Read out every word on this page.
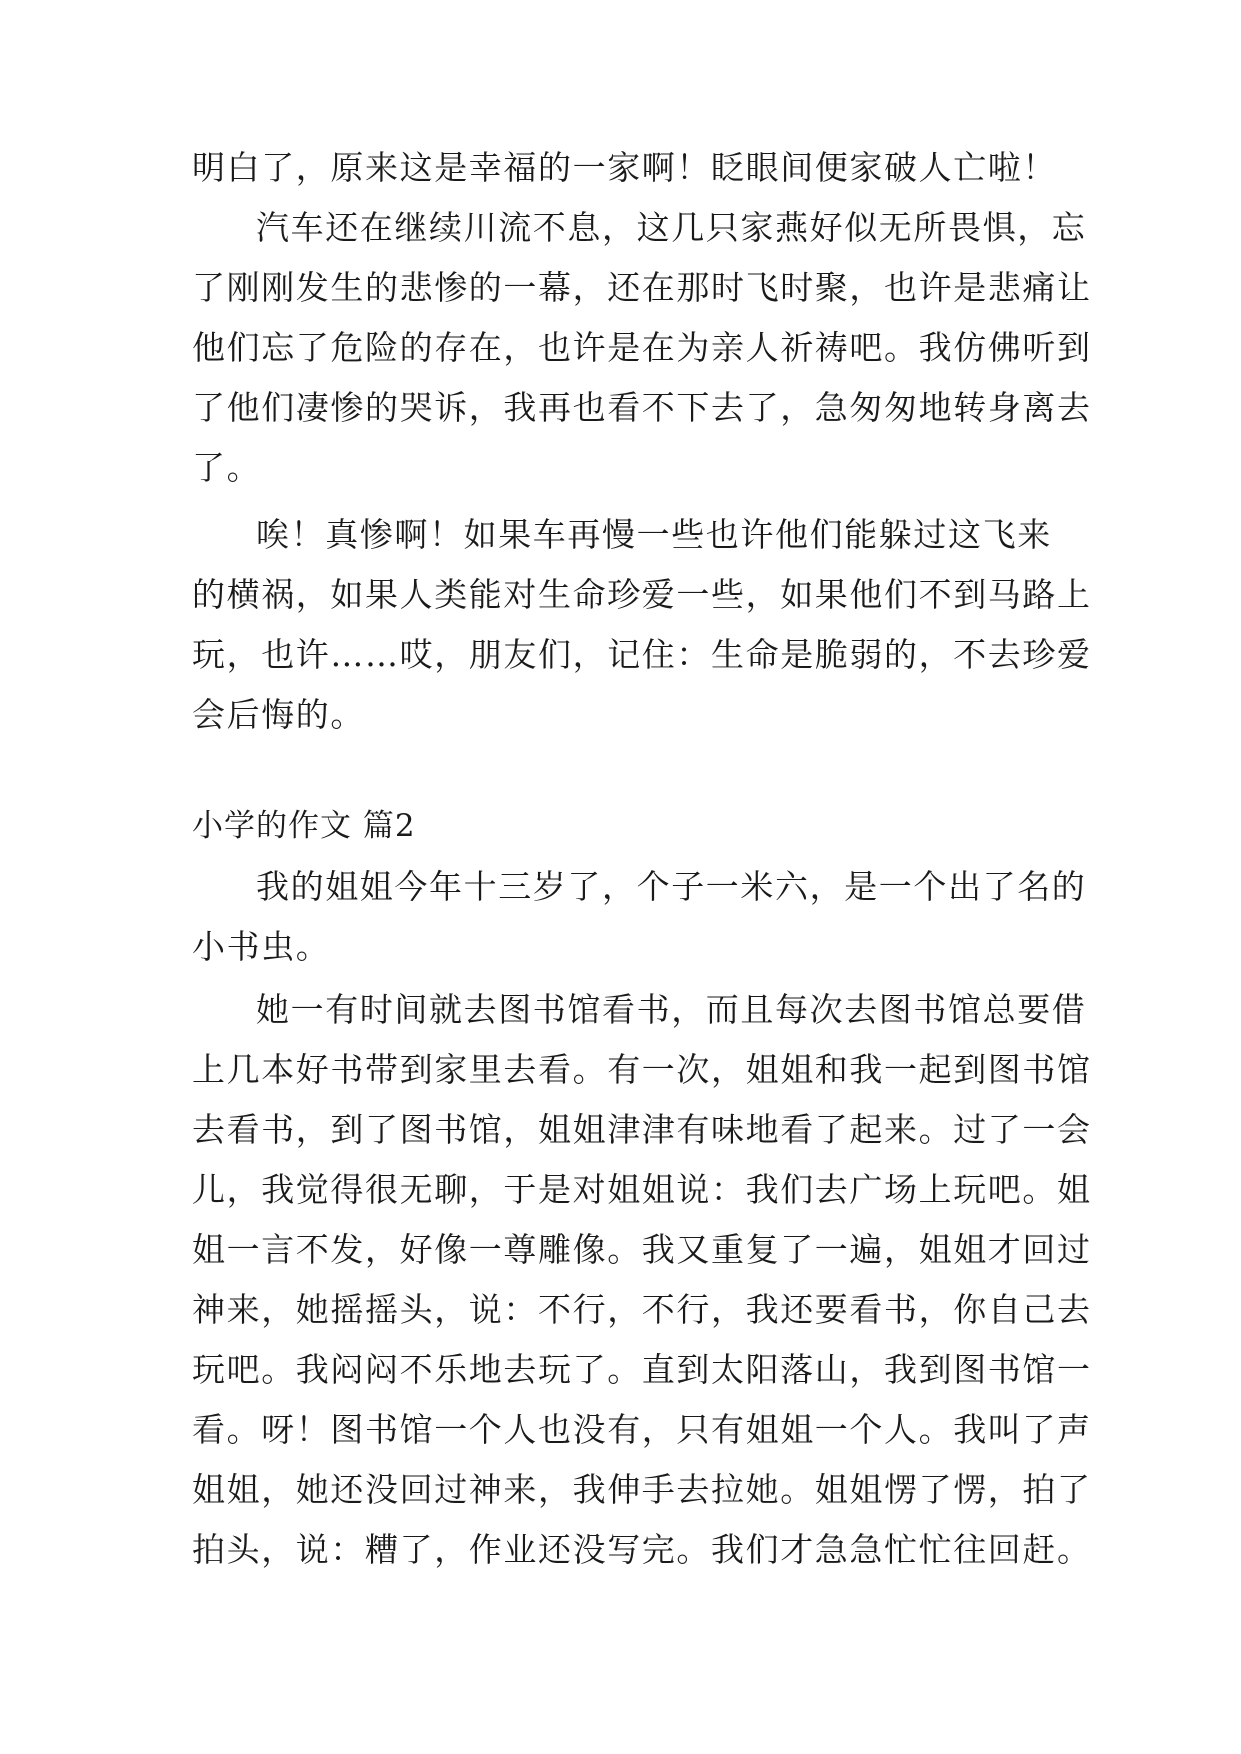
明白了，原来这是幸福的一家啊！眨眼间便家破人亡啦！
汽车还在继续川流不息，这几只家燕好似无所畏惧，忘
了刚刚发生的悲惨的一幕，还在那时飞时聚，也许是悲痛让
他们忘了危险的存在，也许是在为亲人祈祷吧。我仿佛听到
了他们凄惨的哭诉，我再也看不下去了，急匆匆地转身离去
了。
唉！真惨啊！如果车再慢一些也许他们能躲过这飞来
的横祸，如果人类能对生命珍爱一些，如果他们不到马路上
玩，也许……哎，朋友们，记住：生命是脆弱的，不去珍爱
会后悔的。
小学的作文 篇2
我的姐姐今年十三岁了，个子一米六，是一个出了名的
小书虫。
她一有时间就去图书馆看书，而且每次去图书馆总要借
上几本好书带到家里去看。有一次，姐姐和我一起到图书馆
去看书，到了图书馆，姐姐津津有味地看了起来。过了一会
儿，我觉得很无聊，于是对姐姐说：我们去广场上玩吧。姐
姐一言不发，好像一尊雕像。我又重复了一遍，姐姐才回过
神来，她摇摇头，说：不行，不行，我还要看书，你自己去
玩吧。我闷闷不乐地去玩了。直到太阳落山，我到图书馆一
看。呀！图书馆一个人也没有，只有姐姐一个人。我叫了声
姐姐，她还没回过神来，我伸手去拉她。姐姐愣了愣，拍了
拍头，说：糟了，作业还没写完。我们才急急忙忙往回赶。
